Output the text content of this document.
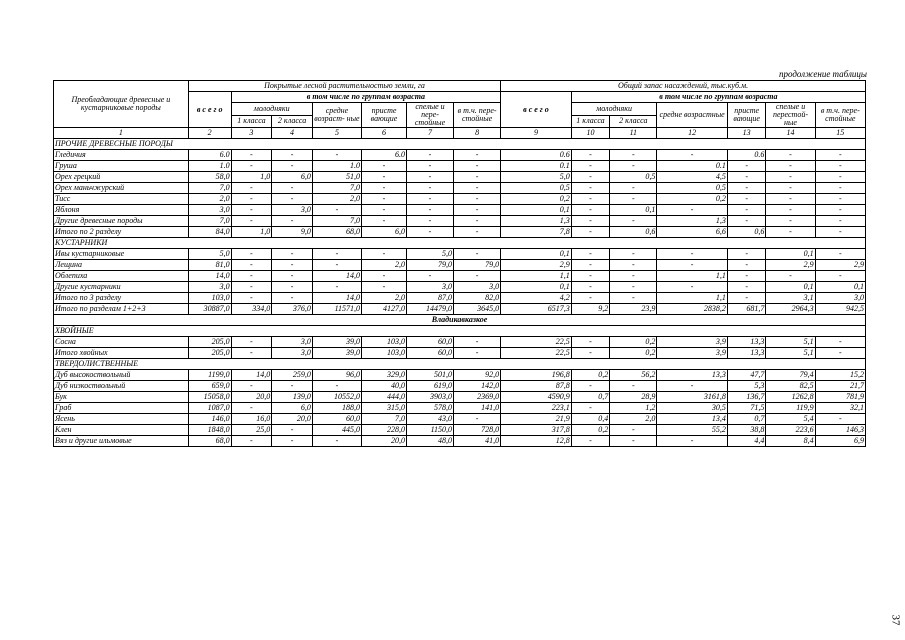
продолжение таблицы
Преобладающие древесные и кустарниковые породы	Покрытые лесной растительностью земли, га							Общий запас насаждений, тыс.куб.м.						
	в с е г о	в том числе по группам возраста						в с е г о	в том числе по группам возраста					
		молодняки		средне возраст- ные	присте вающие	спелые и пере- стойные	в т.ч. пере- стойные		молодняки		средне возрастные	присте вающие	спелые и перестой- ные	в т.ч. пере- стойные
		1 класса	2 класса						1 класса	2 класса				
1	2	3	4	5	6	7	8	9	10	11	12	13	14	15
ПРОЧИЕ ДРЕВЕСНЫЕ ПОРОДЫ														
Гледичия	6.0	-	-	-	6.0	-	-	0.6	-	-	-	0.6	-	-
Груша	1.0	-	-	1.0	-	-	-	0.1	-	-	0.1	-	-	-
Орех грецкий	58,0	1,0	6,0	51,0	-	-	-	5,0	-	0,5	4,5	-	-	-
Орех маньчжурский	7,0	-	-	7,0	-	-	-	0,5	-	-	0,5	-	-	-
Тисс	2,0	-	-	2,0	-	-	-	0,2	-	-	0,2	-	-	-
Яблоня	3,0	-	3,0	-	-	-	-	0,1	-	0,1	-	-	-	-
Другие древесные породы	7,0	-	-	7,0	-	-	-	1,3	-	-	1,3	-	-	-
Итого по 2 разделу	84,0	1,0	9,0	68,0	6,0	-	-	7,8	-	0,6	6,6	0,6	-	-
КУСТАРНИКИ														
Ивы кустарниковые	5,0	-	-	-	-	5,0	-	0,1	-	-	-	-	0,1	-
Лещина	81,0	-	-	-	2,0	79,0	79,0	2,9	-	-	-	-	2,9	2,9
Облепиха	14,0	-	-	14,0	-	-	-	1,1	-	-	1,1	-	-	-
Другие кустарники	3,0	-	-	-	-	3,0	3,0	0,1	-	-	-	-	0,1	0,1
Итого по 3 разделу	103,0	-	-	14,0	2,0	87,0	82,0	4,2	-	-	1,1	-	3,1	3,0
Итого по разделам 1+2+3	30887,0	334,0	376,0	11571,0	4127,0	14479,0	3645,0	6517,3	9,2	23,9	2838,2	681,7	2964,3	942,5
Владикавказкое														
ХВОЙНЫЕ														
Сосна	205,0	-	3,0	39,0	103,0	60,0	-	22,5	-	0,2	3,9	13,3	5,1	-
Итого хвойных	205,0	-	3,0	39,0	103,0	60,0	-	22,5	-	0,2	3,9	13,3	5,1	-
ТВЕРДОЛИСТВЕННЫЕ														
Дуб высокоствольный	1199,0	14,0	259,0	96,0	329,0	501,0	92,0	196,8	0,2	56,2	13,3	47,7	79,4	15,2
Дуб низкоствольный	659,0	-	-	-	40,0	619,0	142,0	87,8	-	-	-	5,3	82,5	21,7
Бук	15058,0	20,0	139,0	10552,0	444,0	3903,0	2369,0	4590,9	0,7	28,9	3161,8	136,7	1262,8	781,9
Граб	1087,0	-	6,0	188,0	315,0	578,0	141,0	223,1	-	1,2	30,5	71,5	119,9	32,1
Ясень	146,0	16,0	20,0	60,0	7,0	43,0	-	21,9	0,4	2,0	13,4	0,7	5,4	-
Клен	1848,0	25,0	-	445,0	228,0	1150,0	728,0	317,8	0,2	-	55,2	38,8	223,6	146,3
Вяз и другие ильмовые	68,0	-	-	-	20,0	48,0	41,0	12,8	-	-	-	4,4	8,4	6,9
37
